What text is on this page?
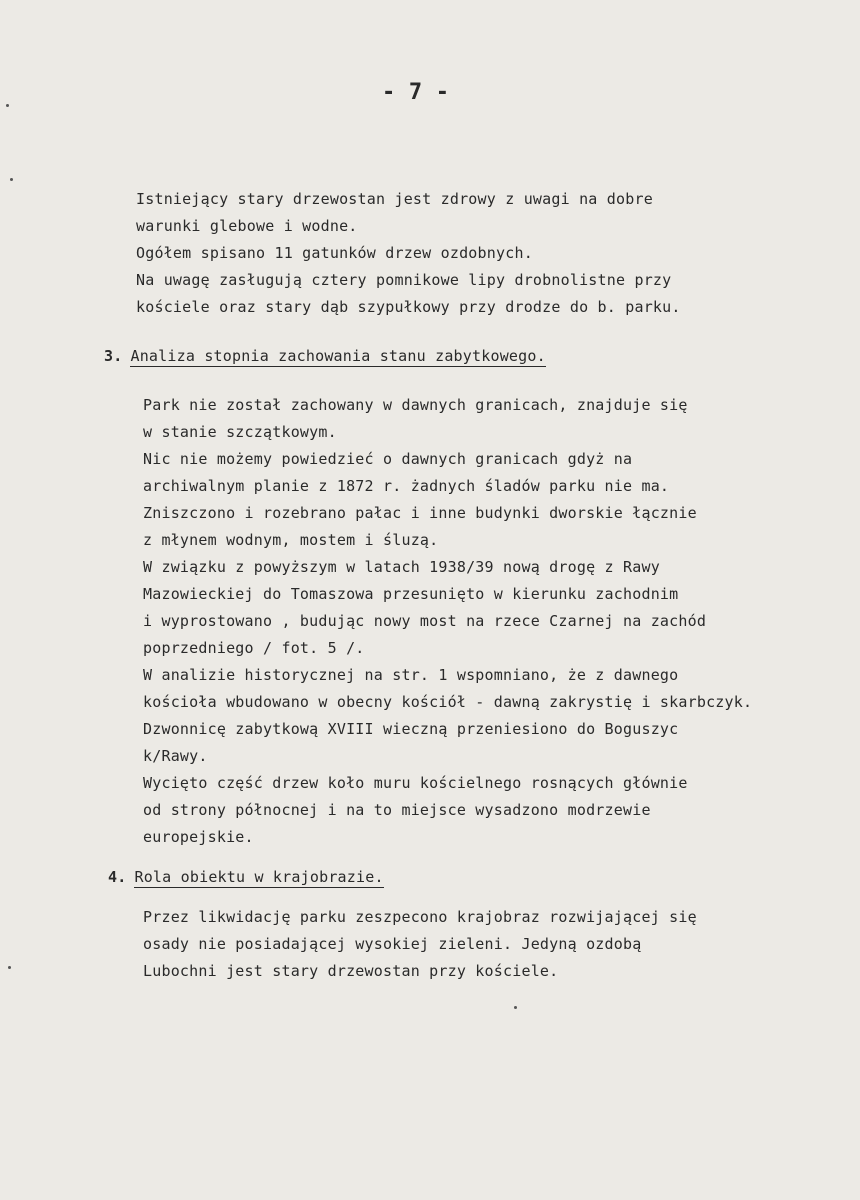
- 7 -
Istniejący stary drzewostan jest zdrowy z uwagi na dobre
warunki glebowe i wodne.
Ogółem spisano 11 gatunków drzew ozdobnych.
Na uwagę zasługują cztery pomnikowe lipy drobnolistne przy
kościele oraz stary dąb szypułkowy przy drodze do b. parku.
3. Analiza stopnia zachowania stanu zabytkowego.
Park nie został zachowany w dawnych granicach, znajduje się
w stanie szczątkowym.
Nic nie możemy powiedzieć o dawnych granicach gdyż na
archiwalnym planie z 1872 r. żadnych śladów parku nie ma.
Zniszczono i rozebrano pałac i inne budynki dworskie łącznie
z młynem wodnym, mostem i śluzą.
W związku z powyższym w latach 1938/39 nową drogę z Rawy
Mazowieckiej do Tomaszowa przesunięto w kierunku zachodnim
i wyprostowano , budując nowy most na rzece Czarnej na zachód
poprzedniego / fot. 5 /.
W analizie historycznej na str. 1 wspomniano, że z dawnego
kościoła wbudowano w obecny kościół - dawną zakrystię i skarbczyk.
Dzwonnicę zabytkową XVIII wieczną przeniesiono do Boguszyc
k/Rawy.
Wycięto część drzew koło muru kościelnego rosnących głównie
od strony północnej i na to miejsce wysadzono modrzewie
europejskie.
4. Rola obiektu w krajobrazie.
Przez likwidację parku zeszpecono krajobraz rozwijającej się
osady nie posiadającej wysokiej zieleni. Jedyną ozdobą
Lubochni jest stary drzewostan przy kościele.
